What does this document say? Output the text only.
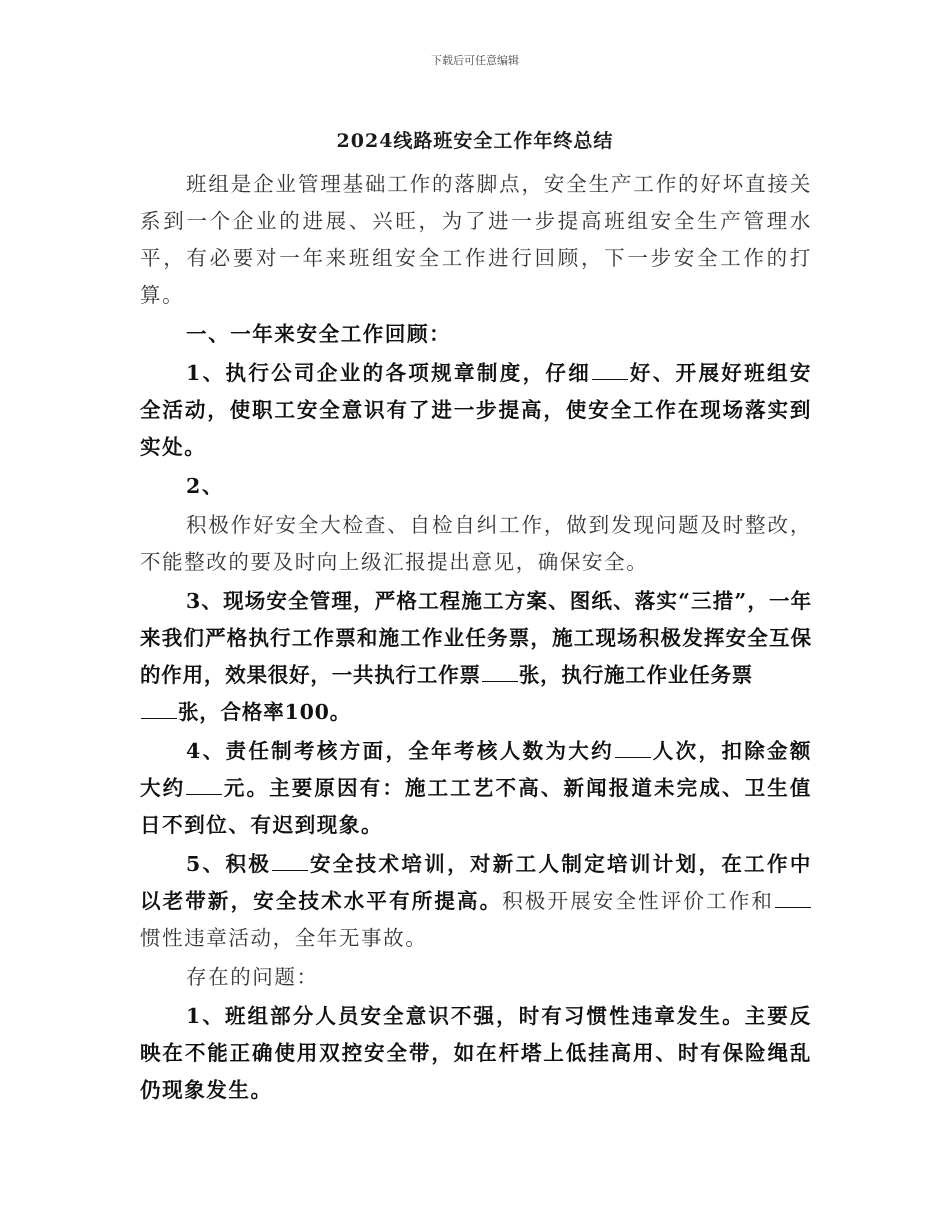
下载后可任意编辑
2024线路班安全工作年终总结

班组是企业管理基础工作的落脚点，安全生产工作的好坏直接关系到一个企业的进展、兴旺，为了进一步提高班组安全生产管理水平，有必要对一年来班组安全工作进行回顾，下一步安全工作的打算。

一、一年来安全工作回顾：

1、执行公司企业的各项规章制度，仔细 好、开展好班组安全活动，使职工安全意识有了进一步提高，使安全工作在现场落实到实处。

2、

积极作好安全大检查、自检自纠工作，做到发现问题及时整改，不能整改的要及时向上级汇报提出意见，确保安全。

3、现场安全管理，严格工程施工方案、图纸、落实“三措”，一年来我们严格执行工作票和施工作业任务票，施工现场积极发挥安全互保的作用，效果很好，一共执行工作票 张，执行施工作业任务票
张，合格率100。

4、责任制考核方面，全年考核人数为大约 人次，扣除金额大约 元。主要原因有：施工工艺不高、新闻报道未完成、卫生值日不到位、有迟到现象。

5、积极 安全技术培训，对新工人制定培训计划，在工作中以老带新，安全技术水平有所提高。积极开展安全性评价工作和惯性违章活动，全年无事故。

存在的问题：

1、班组部分人员安全意识不强，时有习惯性违章发生。主要反映在不能正确使用双控安全带，如在杆塔上低挂高用、时有保险绳乱仍现象发生。
